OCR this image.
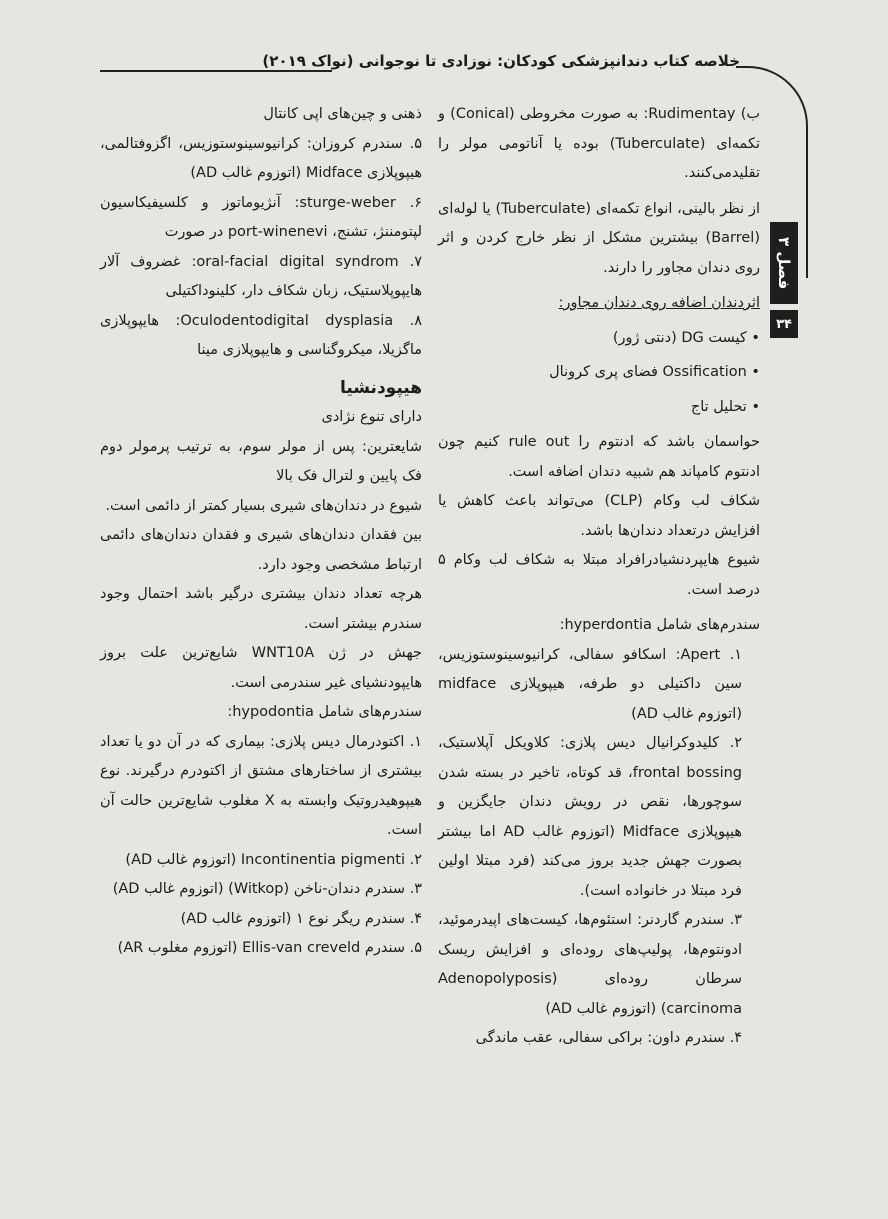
خلاصه کتاب دندانپزشکی کودکان: نوزادی تا نوجوانی (نواک ۲۰۱۹)
فصل ۳
۳۴

ب) Rudimentay: به صورت مخروطی (Conical) و تکمه‌ای (Tuberculate) بوده یا آناتومی مولر را تقلیدمی‌کنند.

از نظر بالینی، انواع تکمه‌ای (Tuberculate) یا لوله‌ای (Barrel) بیشترین مشکل از نظر خارج کردن و اثر روی دندان مجاور را دارند.

اثردندان اضافه روی دندان مجاور:

• کیست DG (دنتی ژور)

• Ossification فضای پری کرونال

• تحلیل تاج

حواسمان باشد که ادنتوم را rule out کنیم چون ادنتوم کامپاند هم شبیه دندان اضافه است.

شکاف لب وکام (CLP) می‌تواند باعث کاهش یا افزایش درتعداد دندان‌ها باشد.

شیوع هایپردنشیادرافراد مبتلا به شکاف لب وکام ۵ درصد است.

سندرم‌های شامل hyperdontia:

۱. Apert: اسکافو سفالی، کرانیوسینوستوزیس، سین داکتیلی دو طرفه، هیپوپلازی midface (اتوزوم غالب AD)

۲. کلیدوکرانیال دیس پلازی: کلاویکل آپلاستیک، frontal bossing، قد کوتاه، تاخیر در بسته شدن سوچورها، نقص در رویش دندان جایگزین و هیپوپلازی Midface (اتوزوم غالب AD اما بیشتر بصورت جهش جدید بروز می‌کند (فرد مبتلا اولین فرد مبتلا در خانواده است).

۳. سندرم گاردنر: استئوم‌ها، کیست‌های اپیدرموئید، ادونتوم‌ها، پولیپ‌های روده‌ای و افزایش ریسک سرطان روده‌ای (Adenopolyposis carcinoma) (اتوزوم غالب AD)

۴. سندرم داون: براکی سفالی، عقب ماندگی

ذهنی و چین‌های اپی کانتال

۵. سندرم کروزان: کرانیوسینوستوزیس، اگزوفتالمی، هیپوپلازی Midface (اتوزوم غالب AD)

۶. sturge-weber: آنژیوماتوز و کلسیفیکاسیون لپتومننژ، تشنج، port-winenevi در صورت

۷. oral-facial digital syndrom: غضروف آلار هایپوپلاستیک، زبان شکاف دار، کلینوداکتیلی

۸. Oculodentodigital dysplasia: هایپوپلازی ماگزیلا، میکروگناسی و هایپوپلازی مینا

هیپودنشیا

دارای تنوع نژادی

شایعترین: پس از مولر سوم، به ترتیب پرمولر دوم فک پایین و لترال فک بالا

شیوع در دندان‌های شیری بسیار کمتر از دائمی است.

بین فقدان دندان‌های شیری و فقدان دندان‌های دائمی ارتباط مشخصی وجود دارد.

هرچه تعداد دندان بیشتری درگیر باشد احتمال وجود سندرم بیشتر است.

جهش در ژن WNT10A شایع‌ترین علت بروز هایپودنشیای غیر سندرمی است.

سندرم‌های شامل hypodontia:

۱. اکتودرمال دیس پلازی: بیماری که در آن دو یا تعداد بیشتری از ساختارهای مشتق از اکتودرم درگیرند. نوع هیپوهیدروتیک وابسته به X مغلوب شایع‌ترین حالت آن است.

۲. Incontinentia pigmenti (اتوزوم غالب AD)

۳. سندرم دندان-ناخن (Witkop) (اتوزوم غالب AD)

۴. سندرم ریگر نوع ۱ (اتوزوم غالب AD)

۵. سندرم Ellis-van creveld (اتوزوم مغلوب AR)
